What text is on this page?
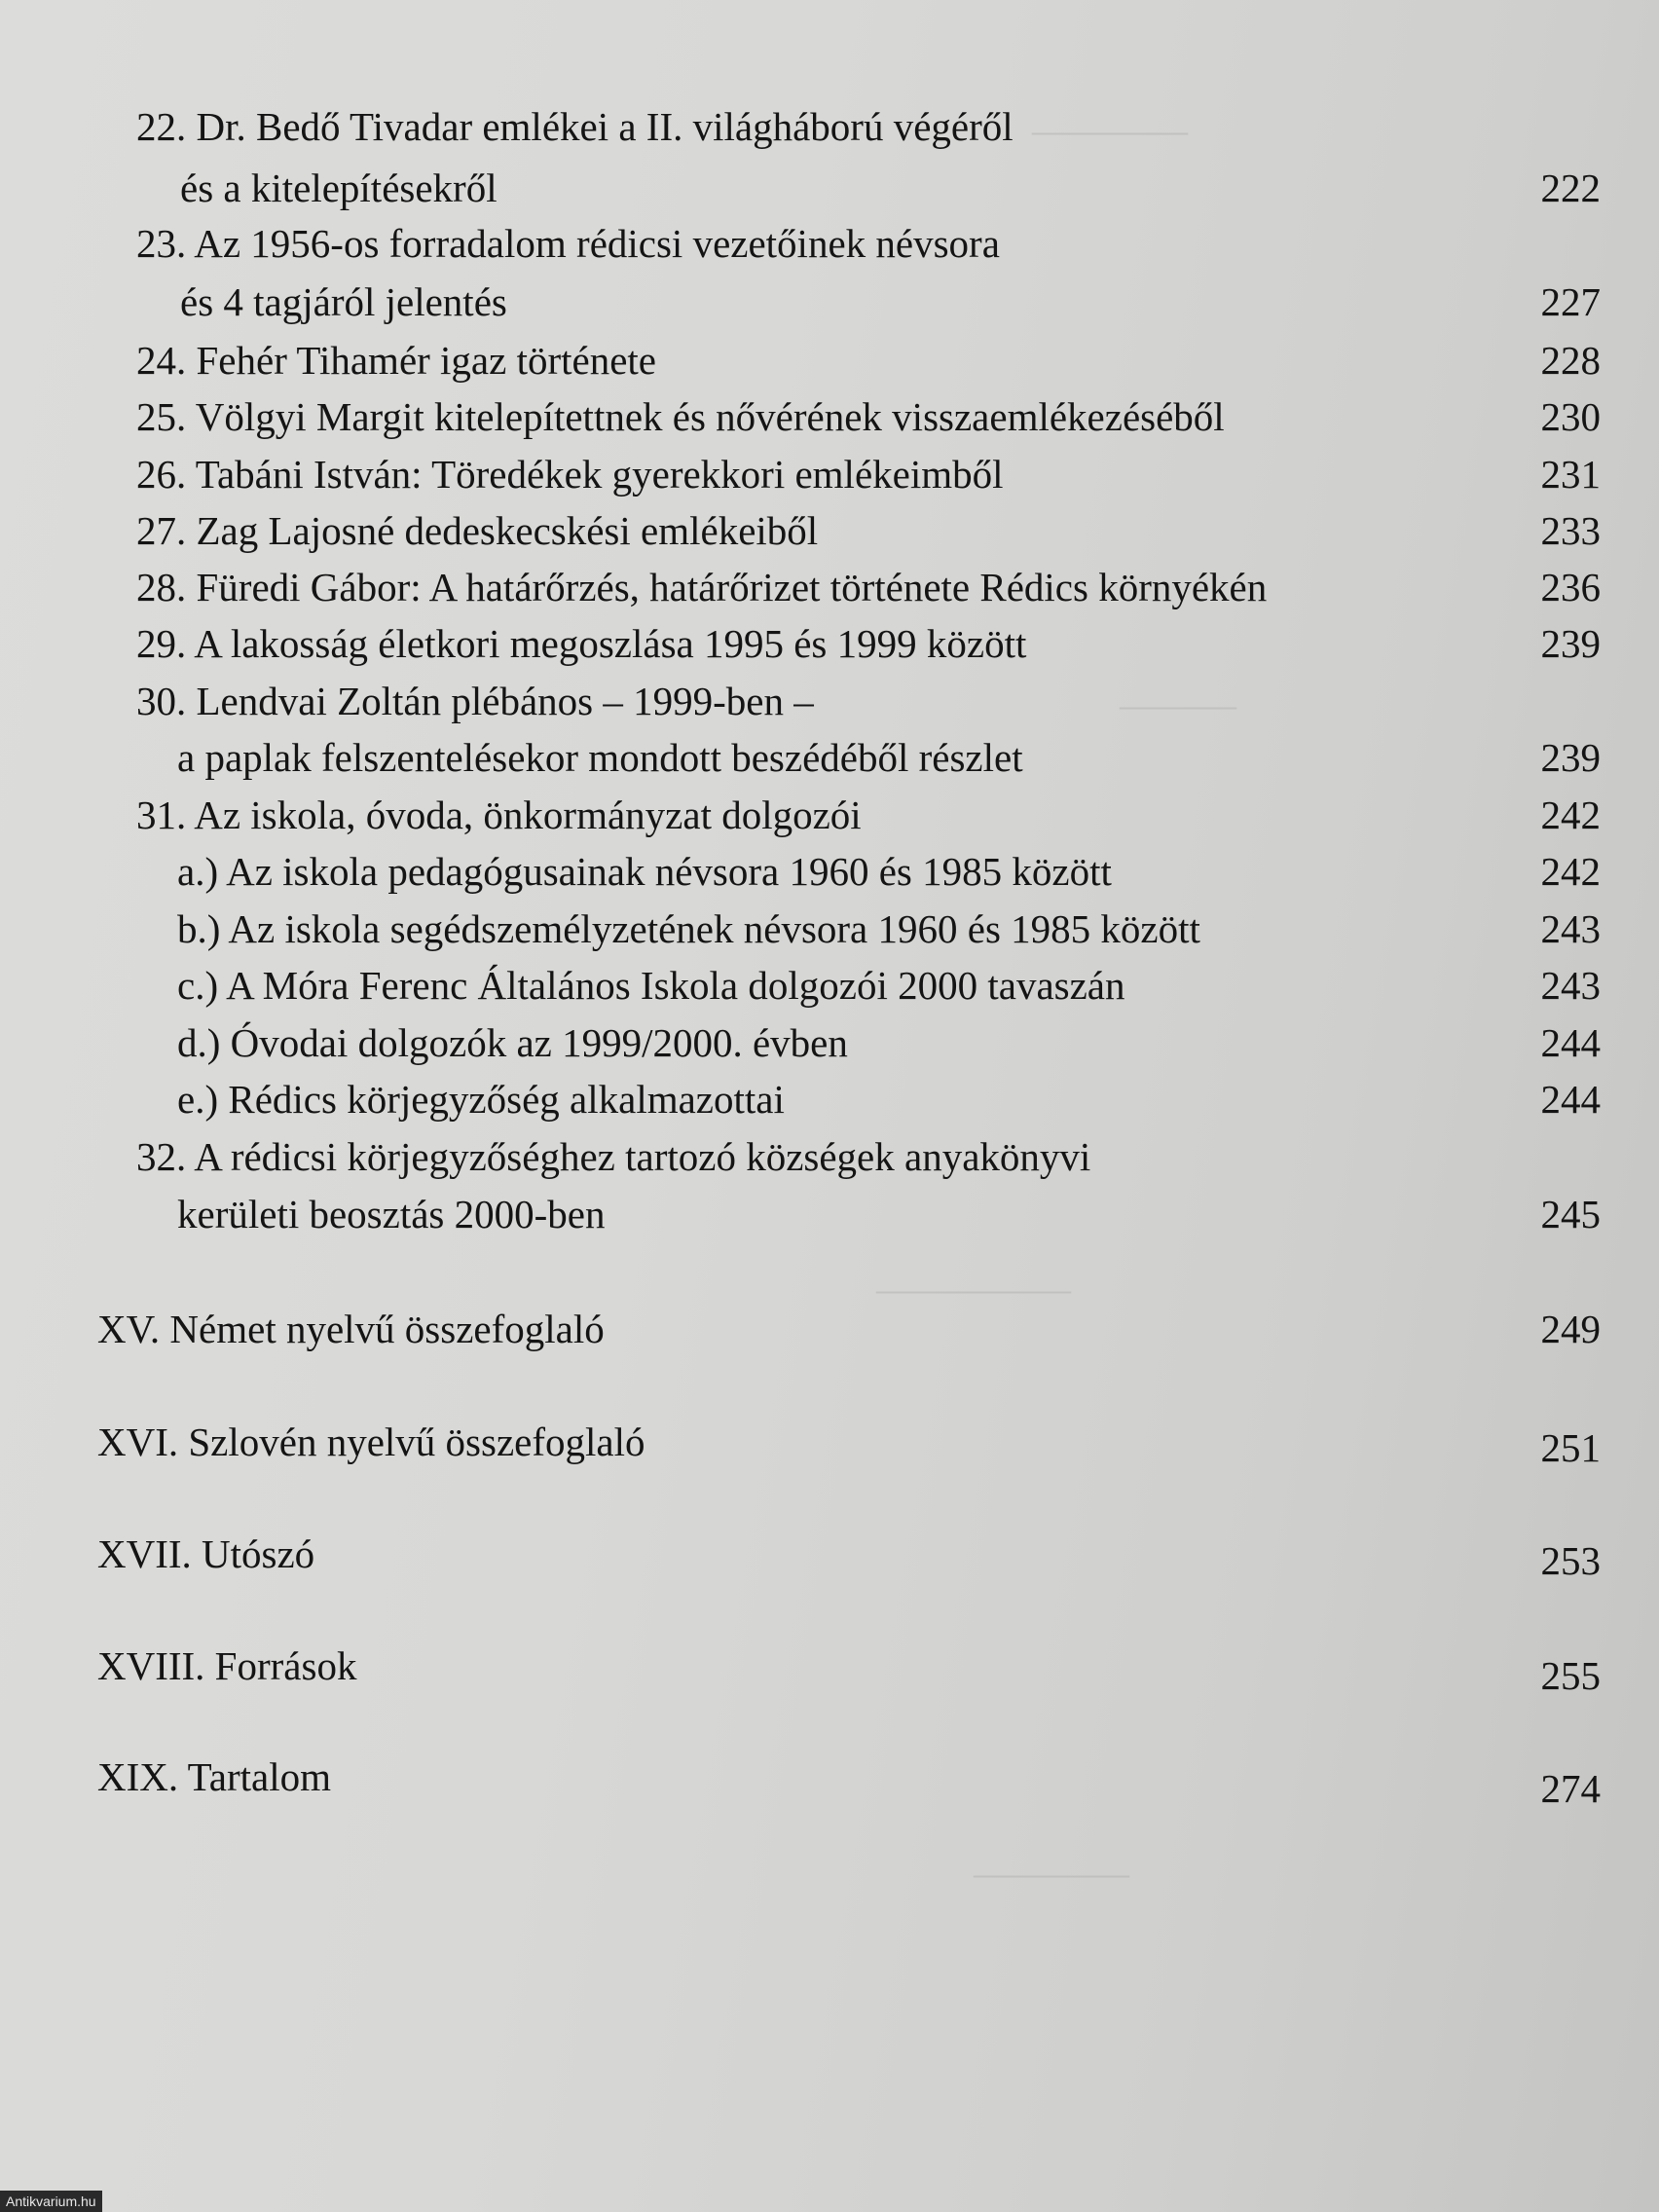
————
———
—————
————
22. Dr. Bedő Tivadar emlékei a II. világháború végéről
és a kitelepítésekről	222
23. Az 1956-os forradalom rédicsi vezetőinek névsora
és 4 tagjáról jelentés	227
24. Fehér Tihamér igaz története	228
25. Völgyi Margit kitelepítettnek és nővérének visszaemlékezéséből	230
26. Tabáni István: Töredékek gyerekkori emlékeimből	231
27. Zag Lajosné dedeskecskési emlékeiből	233
28. Füredi Gábor: A határőrzés, határőrizet története Rédics környékén	236
29. A lakosság életkori megoszlása 1995 és 1999 között	239
30. Lendvai Zoltán plébános – 1999-ben –
a paplak felszentelésekor mondott beszédéből részlet	239
31. Az iskola, óvoda, önkormányzat dolgozói	242
a.) Az iskola pedagógusainak névsora 1960 és 1985 között	242
b.) Az iskola segédszemélyzetének névsora 1960 és 1985 között	243
c.) A Móra Ferenc Általános Iskola dolgozói 2000 tavaszán	243
d.) Óvodai dolgozók az 1999/2000. évben	244
e.) Rédics körjegyzőség alkalmazottai	244
32. A rédicsi körjegyzőséghez tartozó községek anyakönyvi
kerületi beosztás 2000-ben	245
XV. Német nyelvű összefoglaló	249
XVI. Szlovén nyelvű összefoglaló	251
XVII. Utószó	253
XVIII. Források	255
XIX. Tartalom	274
Antikvarium.hu
